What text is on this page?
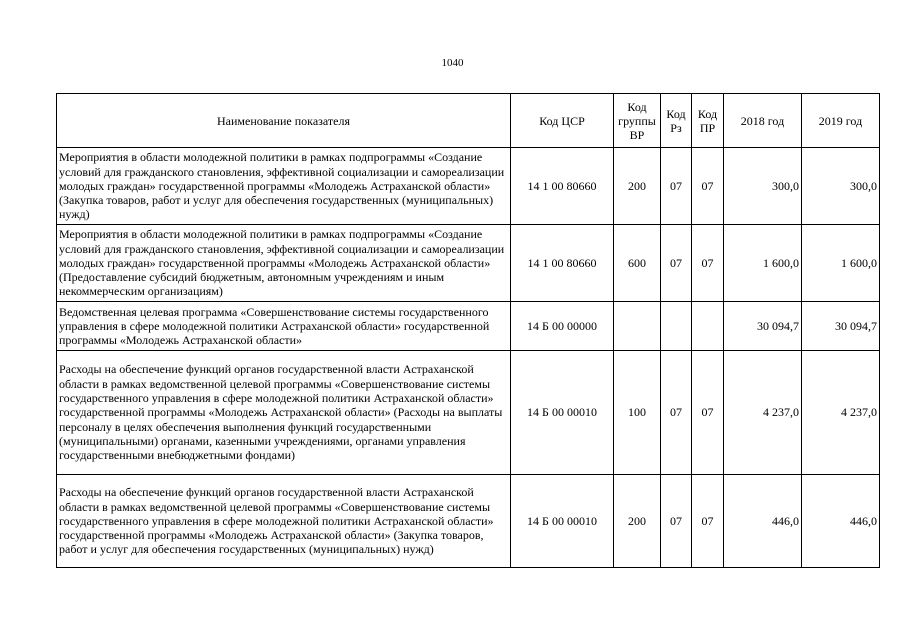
1040
Наименование показателя	Код ЦСР	Код группы ВР	Код Рз	Код ПР	2018 год	2019 год
Мероприятия в области молодежной политики в рамках подпрограммы «Создание условий для гражданского становления, эффективной социализации и самореализации молодых граждан» государственной программы «Молодежь Астраханской области» (Закупка товаров, работ и услуг для обеспечения государственных (муниципальных) нужд)	14 1 00 80660	200	07	07	300,0	300,0
Мероприятия в области молодежной политики в рамках подпрограммы «Создание условий для гражданского становления, эффективной социализации и самореализации молодых граждан» государственной программы «Молодежь Астраханской области» (Предоставление субсидий бюджетным, автономным учреждениям и иным некоммерческим организациям)	14 1 00 80660	600	07	07	1 600,0	1 600,0
Ведомственная целевая программа «Совершенствование системы государственного управления в сфере молодежной политики Астраханской области» государственной программы «Молодежь Астраханской области»	14 Б 00 00000				30 094,7	30 094,7
Расходы на обеспечение функций органов государственной власти Астраханской области в рамках ведомственной целевой программы «Совершенствование системы государственного управления в сфере молодежной политики Астраханской области» государственной программы «Молодежь Астраханской области» (Расходы на выплаты персоналу в целях обеспечения выполнения функций государственными (муниципальными) органами, казенными учреждениями, органами управления государственными внебюджетными фондами)	14 Б 00 00010	100	07	07	4 237,0	4 237,0
Расходы на обеспечение функций органов государственной власти Астраханской области в рамках ведомственной целевой программы «Совершенствование системы государственного управления в сфере молодежной политики Астраханской области» государственной программы «Молодежь Астраханской области» (Закупка товаров, работ и услуг для обеспечения государственных (муниципальных) нужд)	14 Б 00 00010	200	07	07	446,0	446,0
